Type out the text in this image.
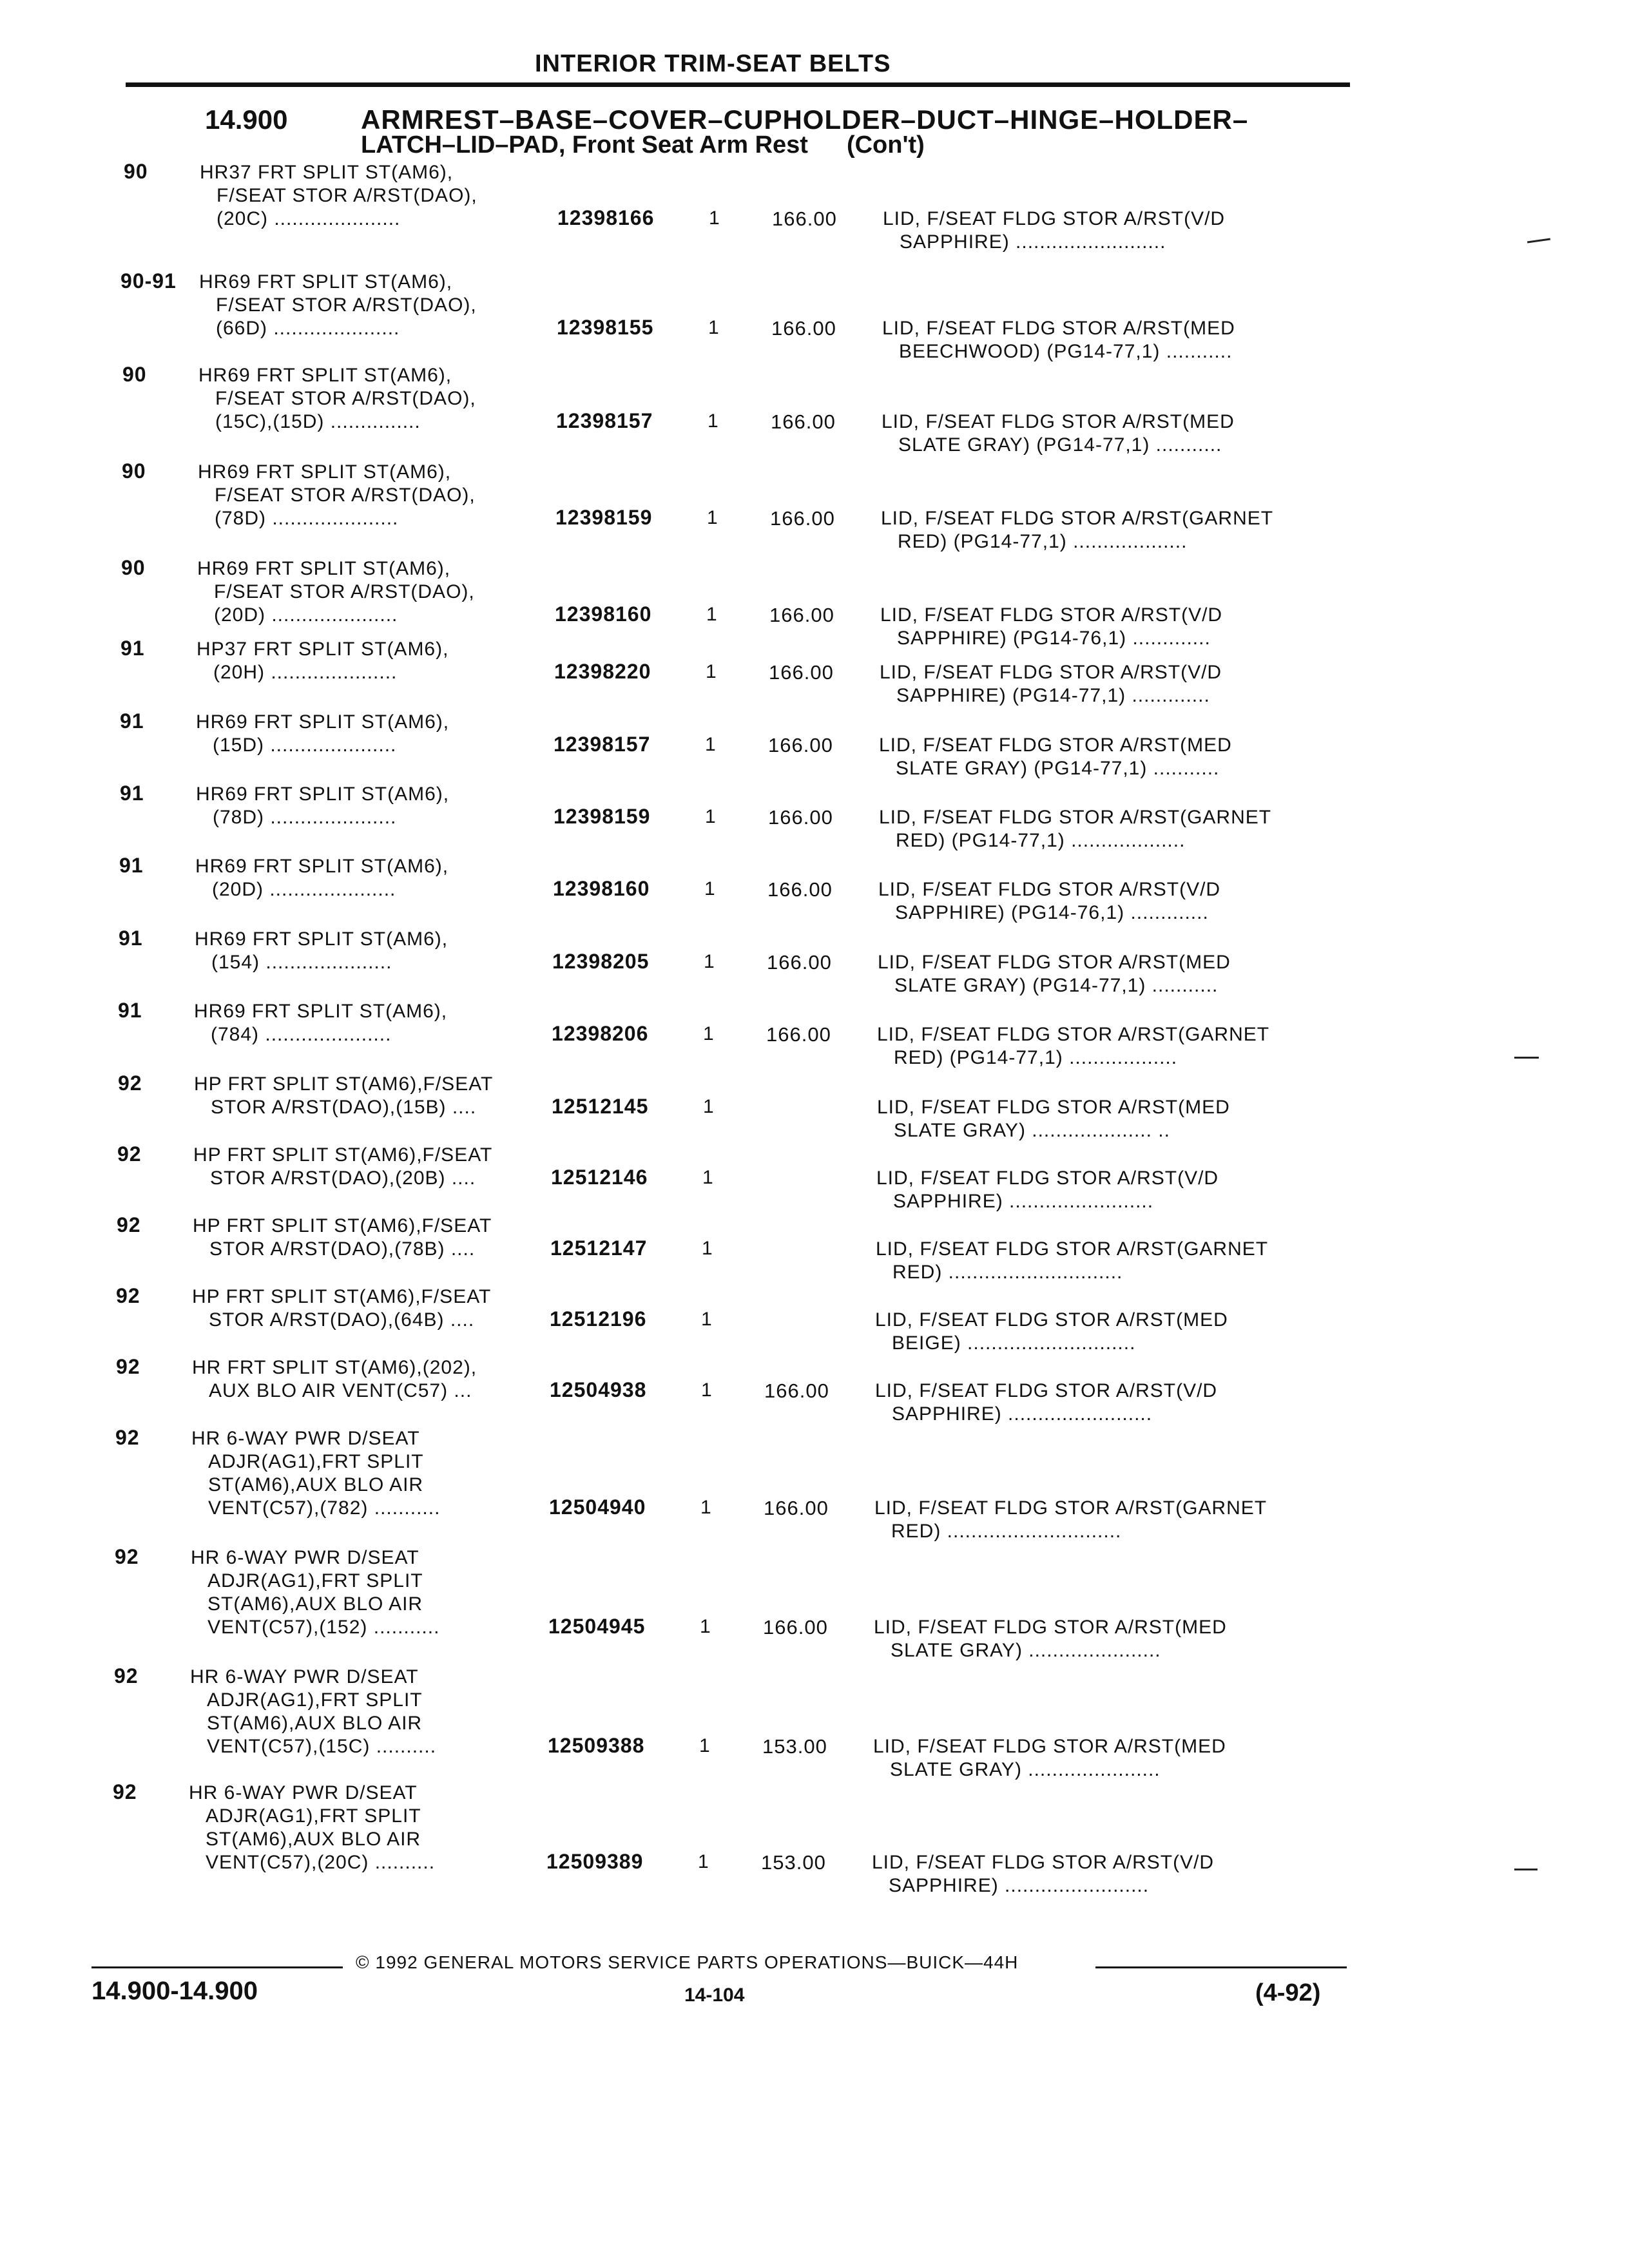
INTERIOR TRIM-SEAT BELTS
14.900	ARMREST–BASE–COVER–CUPHOLDER–DUCT–HINGE–HOLDER–
LATCH–LID–PAD, Front Seat Arm Rest (Con't)
90	HR37 FRT SPLIT ST(AM6),
F/SEAT STOR A/RST(DAO),
(20C) .....................	12398166	1	166.00 LID, F/SEAT FLDG STOR A/RST(V/D
SAPPHIRE) .........................
90-91 HR69 FRT SPLIT ST(AM6),
F/SEAT STOR A/RST(DAO),
(66D) .....................	12398155	1	166.00 LID, F/SEAT FLDG STOR A/RST(MED
BEECHWOOD) (PG14-77,1) ...........
90	HR69 FRT SPLIT ST(AM6),
F/SEAT STOR A/RST(DAO),
(15C),(15D) ...............	12398157	1	166.00 LID, F/SEAT FLDG STOR A/RST(MED
SLATE GRAY) (PG14-77,1) ...........
90	HR69 FRT SPLIT ST(AM6),
F/SEAT STOR A/RST(DAO),
(78D) .....................	12398159	1	166.00 LID, F/SEAT FLDG STOR A/RST(GARNET
RED) (PG14-77,1) ...................
90	HR69 FRT SPLIT ST(AM6),
F/SEAT STOR A/RST(DAO),
(20D) .....................	12398160	1	166.00 LID, F/SEAT FLDG STOR A/RST(V/D
SAPPHIRE) (PG14-76,1) .............
91	HP37 FRT SPLIT ST(AM6),
(20H) .....................	12398220	1	166.00 LID, F/SEAT FLDG STOR A/RST(V/D
SAPPHIRE) (PG14-77,1) .............
91	HR69 FRT SPLIT ST(AM6),
(15D) .....................	12398157	1	166.00 LID, F/SEAT FLDG STOR A/RST(MED
SLATE GRAY) (PG14-77,1) ...........
91	HR69 FRT SPLIT ST(AM6),
(78D) .....................	12398159	1	166.00 LID, F/SEAT FLDG STOR A/RST(GARNET
RED) (PG14-77,1) ...................
91	HR69 FRT SPLIT ST(AM6),
(20D) .....................	12398160	1	166.00 LID, F/SEAT FLDG STOR A/RST(V/D
SAPPHIRE) (PG14-76,1) .............
91	HR69 FRT SPLIT ST(AM6),
(154) .....................	12398205	1	166.00 LID, F/SEAT FLDG STOR A/RST(MED
SLATE GRAY) (PG14-77,1) ...........
91	HR69 FRT SPLIT ST(AM6),
(784) .....................	12398206	1	166.00 LID, F/SEAT FLDG STOR A/RST(GARNET
RED) (PG14-77,1) ..................
92	HP FRT SPLIT ST(AM6),F/SEAT
STOR A/RST(DAO),(15B) ....	12512145	1	LID, F/SEAT FLDG STOR A/RST(MED
SLATE GRAY) .................... ..
92	HP FRT SPLIT ST(AM6),F/SEAT
STOR A/RST(DAO),(20B) ....	12512146	1	LID, F/SEAT FLDG STOR A/RST(V/D
SAPPHIRE) ........................
92	HP FRT SPLIT ST(AM6),F/SEAT
STOR A/RST(DAO),(78B) ....	12512147	1	LID, F/SEAT FLDG STOR A/RST(GARNET
RED) .............................
92	HP FRT SPLIT ST(AM6),F/SEAT
STOR A/RST(DAO),(64B) ....	12512196	1	LID, F/SEAT FLDG STOR A/RST(MED
BEIGE) ............................
92	HR FRT SPLIT ST(AM6),(202),
AUX BLO AIR VENT(C57) ...	12504938	1	166.00 LID, F/SEAT FLDG STOR A/RST(V/D
SAPPHIRE) ........................
92	HR 6-WAY PWR D/SEAT
ADJR(AG1),FRT SPLIT
ST(AM6),AUX BLO AIR
VENT(C57),(782) ...........	12504940	1	166.00 LID, F/SEAT FLDG STOR A/RST(GARNET
RED) .............................
92	HR 6-WAY PWR D/SEAT
ADJR(AG1),FRT SPLIT
ST(AM6),AUX BLO AIR
VENT(C57),(152) ...........	12504945	1	166.00 LID, F/SEAT FLDG STOR A/RST(MED
SLATE GRAY) ......................
92	HR 6-WAY PWR D/SEAT
ADJR(AG1),FRT SPLIT
ST(AM6),AUX BLO AIR
VENT(C57),(15C) ..........	12509388	1	153.00 LID, F/SEAT FLDG STOR A/RST(MED
SLATE GRAY) ......................
92	HR 6-WAY PWR D/SEAT
ADJR(AG1),FRT SPLIT
ST(AM6),AUX BLO AIR
VENT(C57),(20C) ..........	12509389	1	153.00 LID, F/SEAT FLDG STOR A/RST(V/D
SAPPHIRE) ........................
© 1992 GENERAL MOTORS SERVICE PARTS OPERATIONS—BUICK—44H
14.900-14.900	14-104	(4-92)
